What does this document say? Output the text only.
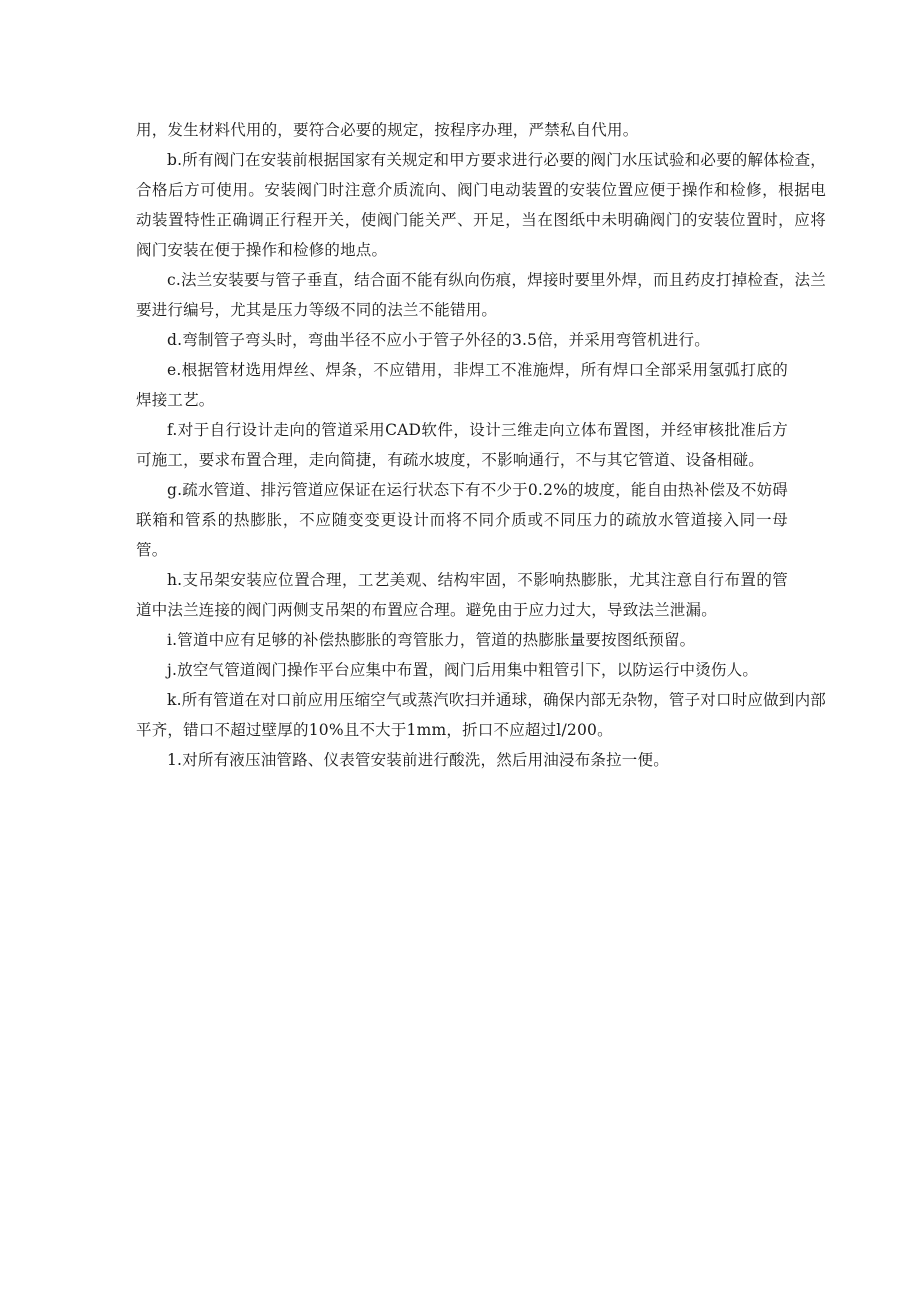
用，发生材料代用的，要符合必要的规定，按程序办理，严禁私自代用。

b.所有阀门在安装前根据国家有关规定和甲方要求进行必要的阀门水压试验和必要的解体检查，合格后方可使用。安装阀门时注意介质流向、阀门电动装置的安装位置应便于操作和检修，根据电动装置特性正确调正行程开关，使阀门能关严、开足，当在图纸中未明确阀门的安装位置时，应将阀门安装在便于操作和检修的地点。

c.法兰安装要与管子垂直，结合面不能有纵向伤痕，焊接时要里外焊，而且药皮打掉检查，法兰要进行编号，尤其是压力等级不同的法兰不能错用。

d.弯制管子弯头时，弯曲半径不应小于管子外径的3.5倍，并采用弯管机进行。

e.根据管材选用焊丝、焊条，不应错用，非焊工不准施焊，所有焊口全部采用氢弧打底的焊接工艺。

f.对于自行设计走向的管道采用CAD软件，设计三维走向立体布置图，并经审核批准后方可施工，要求布置合理，走向简捷，有疏水坡度，不影响通行，不与其它管道、设备相碰。

g.疏水管道、排污管道应保证在运行状态下有不少于0.2%的坡度，能自由热补偿及不妨碍联箱和管系的热膨胀，不应随变变更设计而将不同介质或不同压力的疏放水管道接入同一母管。

h.支吊架安装应位置合理，工艺美观、结构牢固，不影响热膨胀，尤其注意自行布置的管道中法兰连接的阀门两侧支吊架的布置应合理。避免由于应力过大，导致法兰泄漏。

i.管道中应有足够的补偿热膨胀的弯管胀力，管道的热膨胀量要按图纸预留。

j.放空气管道阀门操作平台应集中布置，阀门后用集中粗管引下，以防运行中烫伤人。

k.所有管道在对口前应用压缩空气或蒸汽吹扫并通球，确保内部无杂物，管子对口时应做到内部平齐，错口不超过壁厚的10%且不大于1mm，折口不应超过l/200。

1.对所有液压油管路、仪表管安装前进行酸洗，然后用油浸布条拉一便。
